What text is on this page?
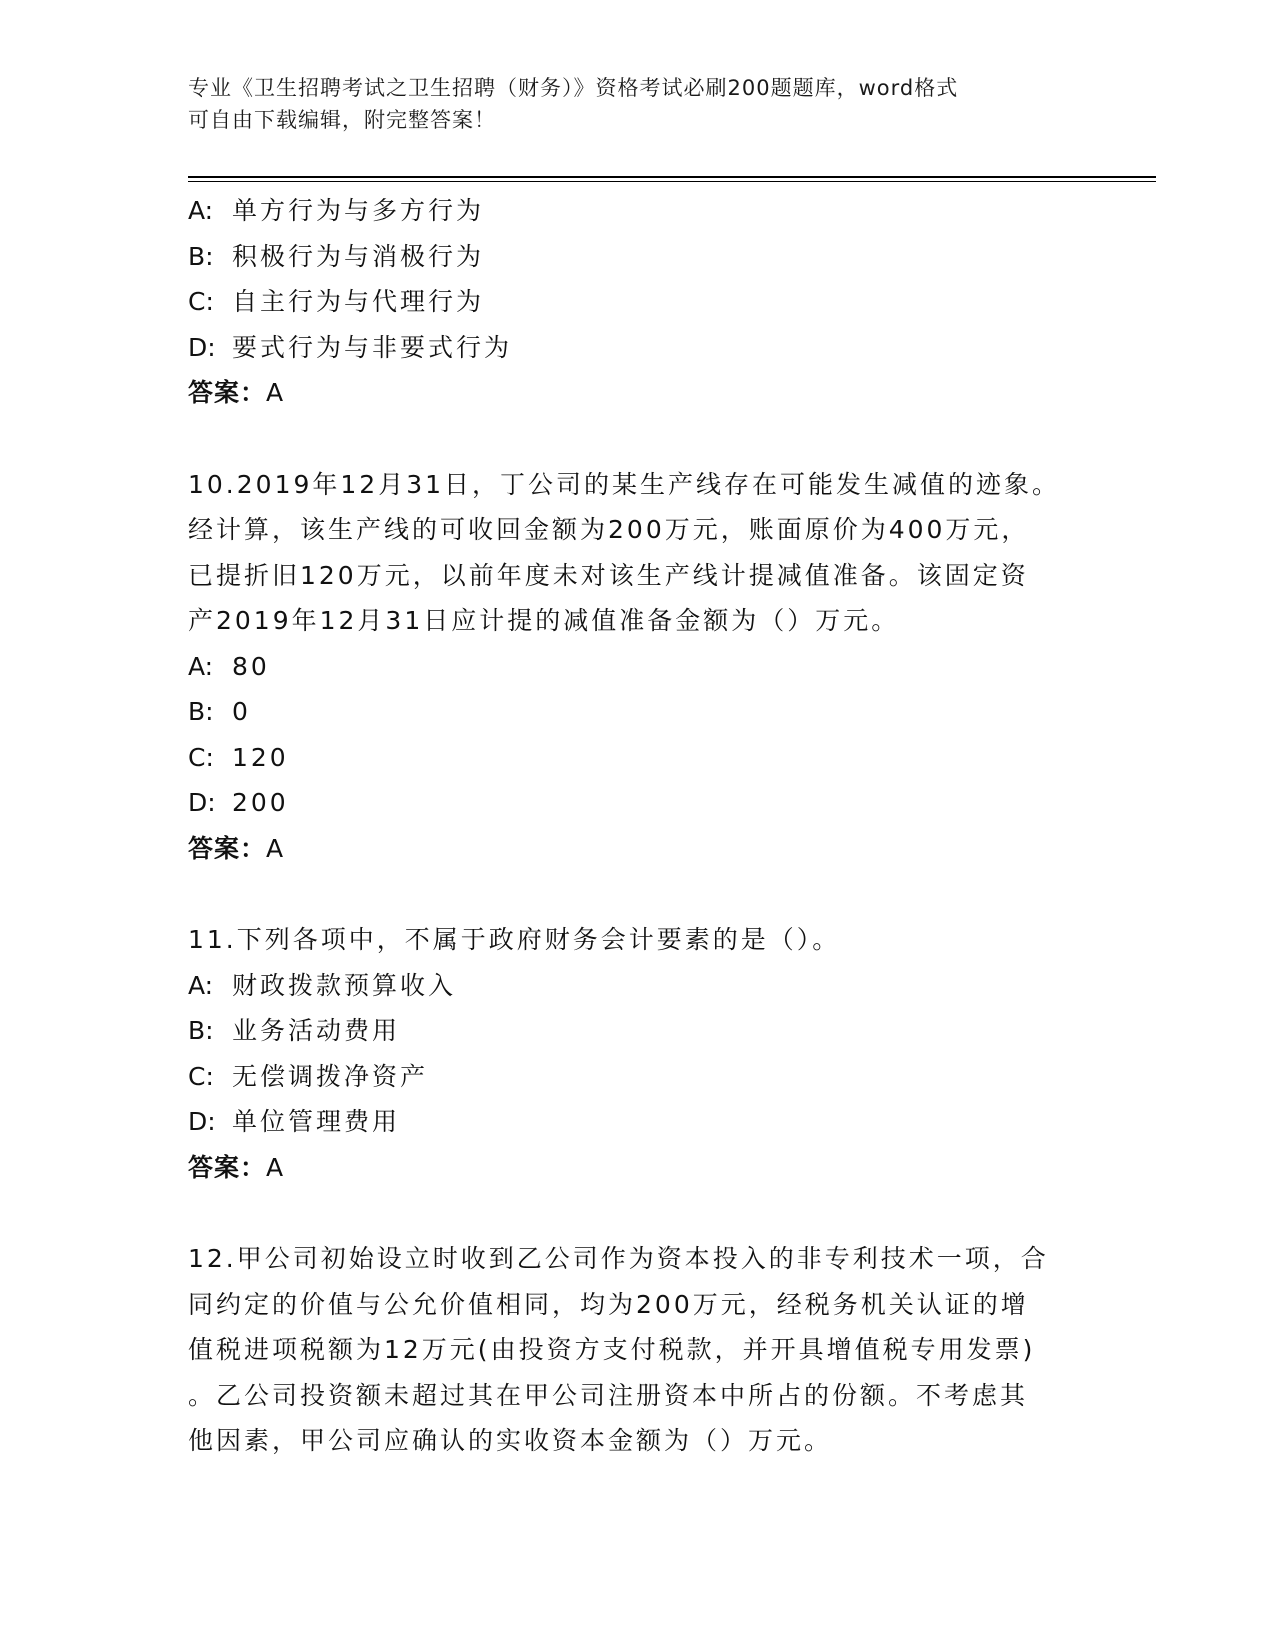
专业《卫生招聘考试之卫生招聘（财务）》资格考试必刷200题题库，word格式
可自由下载编辑，附完整答案！
A: 单方行为与多方行为
B: 积极行为与消极行为
C: 自主行为与代理行为
D: 要式行为与非要式行为
答案：A
10.2019年12月31日，丁公司的某生产线存在可能发生减值的迹象。
经计算，该生产线的可收回金额为200万元，账面原价为400万元，
已提折旧120万元，以前年度未对该生产线计提减值准备。该固定资
产2019年12月31日应计提的减值准备金额为（）万元。
A: 80
B: 0
C: 120
D: 200
答案：A
11.下列各项中，不属于政府财务会计要素的是（）。
A: 财政拨款预算收入
B: 业务活动费用
C: 无偿调拨净资产
D: 单位管理费用
答案：A
12.甲公司初始设立时收到乙公司作为资本投入的非专利技术一项，合
同约定的价值与公允价值相同，均为200万元，经税务机关认证的增
值税进项税额为12万元(由投资方支付税款，并开具增值税专用发票)
。乙公司投资额未超过其在甲公司注册资本中所占的份额。不考虑其
他因素，甲公司应确认的实收资本金额为（）万元。
